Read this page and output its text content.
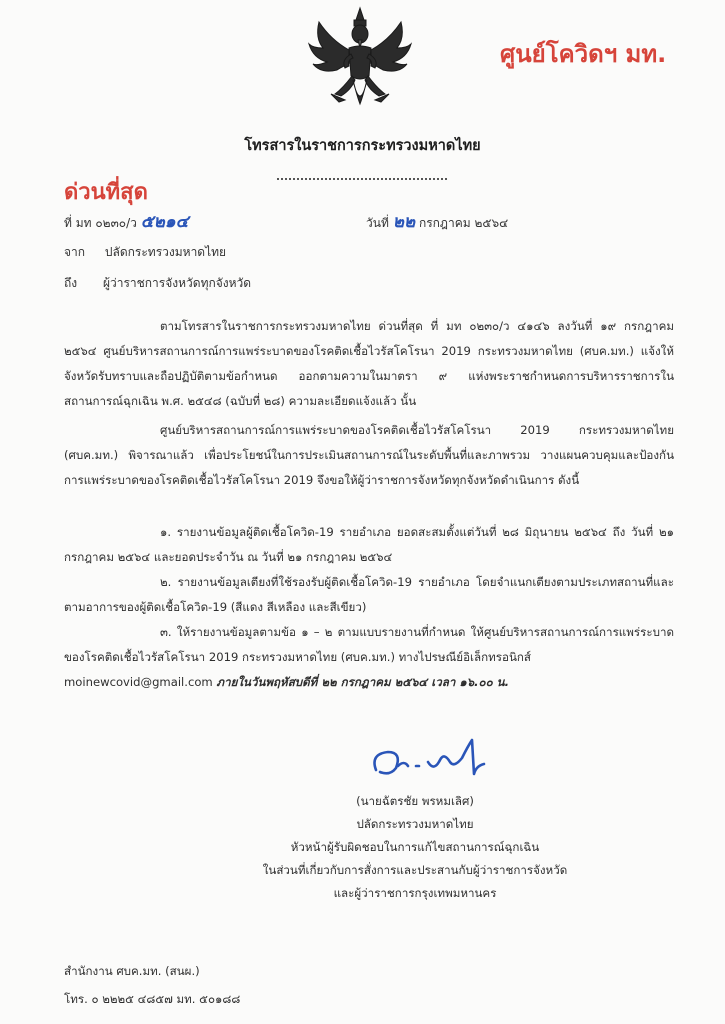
ศูนย์โควิดฯ มท.
โทรสารในราชการกระทรวงมหาดไทย
ด่วนที่สุด
ที่ มท ๐๒๓๐/ว ๕๒๑๔	วันที่ ๒๒ กรกฎาคม ๒๕๖๔
จาก ปลัดกระทรวงมหาดไทย
ถึง ผู้ว่าราชการจังหวัดทุกจังหวัด

ตามโทรสารในราชการกระทรวงมหาดไทย ด่วนที่สุด ที่ มท ๐๒๓๐/ว ๔๑๔๖ ลงวันที่ ๑๙ กรกฎาคม ๒๕๖๔ ศูนย์บริหารสถานการณ์การแพร่ระบาดของโรคติดเชื้อไวรัสโคโรนา 2019 กระทรวงมหาดไทย (ศบค.มท.) แจ้งให้จังหวัดรับทราบและถือปฏิบัติตามข้อกำหนด ออกตามความในมาตรา ๙ แห่งพระราชกำหนดการบริหารราชการในสถานการณ์ฉุกเฉิน พ.ศ. ๒๕๔๘ (ฉบับที่ ๒๘) ความละเอียดแจ้งแล้ว นั้น

ศูนย์บริหารสถานการณ์การแพร่ระบาดของโรคติดเชื้อไวรัสโคโรนา 2019 กระทรวงมหาดไทย (ศบค.มท.) พิจารณาแล้ว เพื่อประโยชน์ในการประเมินสถานการณ์ในระดับพื้นที่และภาพรวม วางแผนควบคุมและป้องกันการแพร่ระบาดของโรคติดเชื้อไวรัสโคโรนา 2019 จึงขอให้ผู้ว่าราชการจังหวัดทุกจังหวัดดำเนินการ ดังนี้

๑. รายงานข้อมูลผู้ติดเชื้อโควิด-19 รายอำเภอ ยอดสะสมตั้งแต่วันที่ ๒๘ มิถุนายน ๒๕๖๔ ถึง วันที่ ๒๑ กรกฎาคม ๒๕๖๔ และยอดประจำวัน ณ วันที่ ๒๑ กรกฎาคม ๒๕๖๔

๒. รายงานข้อมูลเตียงที่ใช้รองรับผู้ติดเชื้อโควิด-19 รายอำเภอ โดยจำแนกเตียงตามประเภทสถานที่และตามอาการของผู้ติดเชื้อโควิด-19 (สีแดง สีเหลือง และสีเขียว)

๓. ให้รายงานข้อมูลตามข้อ ๑ – ๒ ตามแบบรายงานที่กำหนด ให้ศูนย์บริหารสถานการณ์การแพร่ระบาดของโรคติดเชื้อไวรัสโคโรนา 2019 กระทรวงมหาดไทย (ศบค.มท.) ทางไปรษณีย์อิเล็กทรอนิกส์

moinewcovid@gmail.com ภายในวันพฤหัสบดีที่ ๒๒ กรกฎาคม ๒๕๖๔ เวลา ๑๖.๐๐ น.

(นายฉัตรชัย พรหมเลิศ)
ปลัดกระทรวงมหาดไทย
หัวหน้าผู้รับผิดชอบในการแก้ไขสถานการณ์ฉุกเฉิน
ในส่วนที่เกี่ยวกับการสั่งการและประสานกับผู้ว่าราชการจังหวัด
และผู้ว่าราชการกรุงเทพมหานคร
สำนักงาน ศบค.มท. (สนผ.)
โทร. ๐ ๒๒๒๕ ๔๘๕๗ มท. ๕๐๑๘๘
